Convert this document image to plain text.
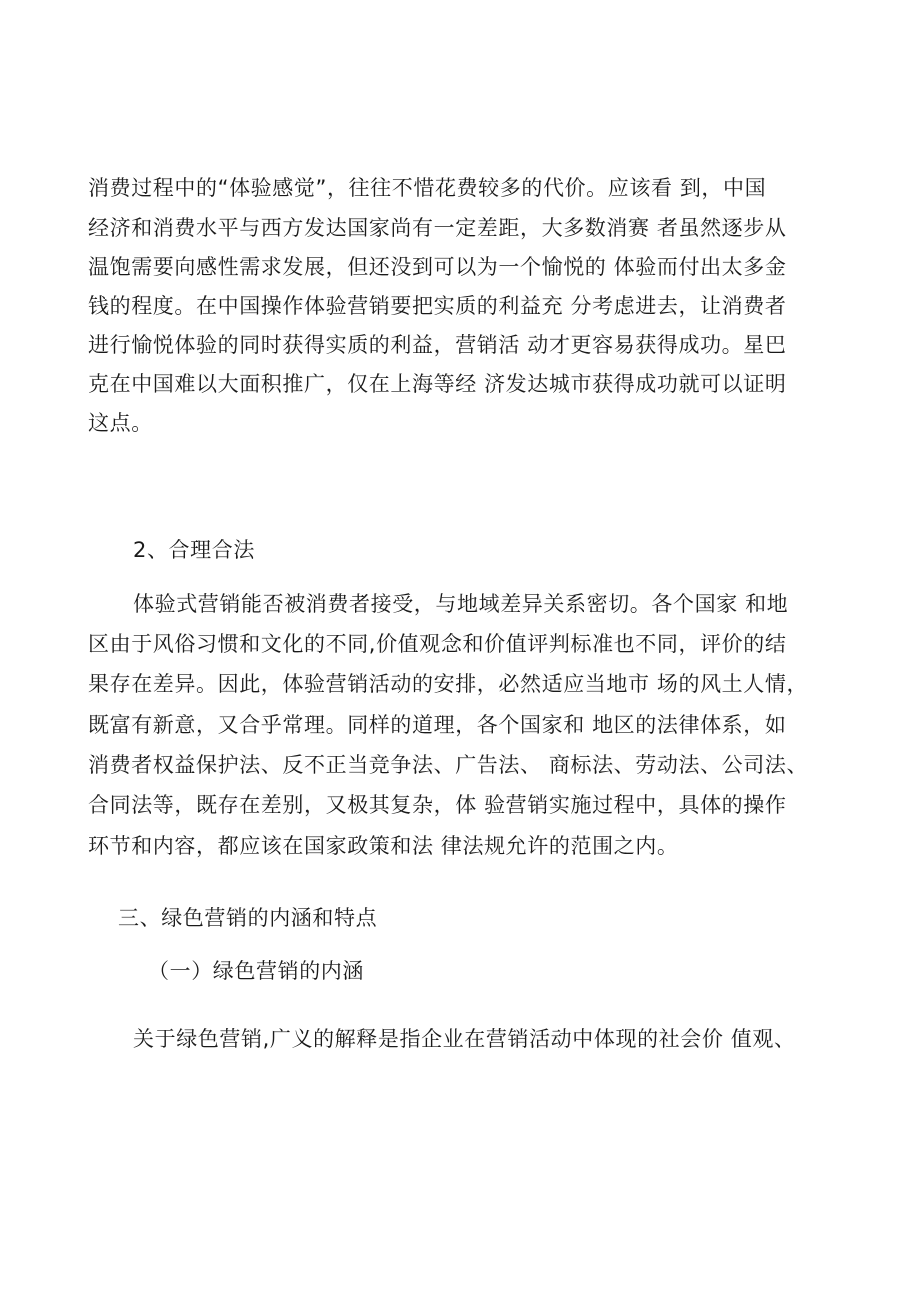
消费过程中的“体验感觉”，往往不惜花费较多的代价。应该看 到，中国
经济和消费水平与西方发达国家尚有一定差距，大多数消赛 者虽然逐步从
温饱需要向感性需求发展，但还没到可以为一个愉悦的 体验而付出太多金
钱的程度。在中国操作体验营销要把实质的利益充 分考虑进去，让消费者
进行愉悦体验的同时获得实质的利益，营销活 动才更容易获得成功。星巴
克在中国难以大面积推广，仅在上海等经 济发达城市获得成功就可以证明
这点。
2、合理合法
体验式营销能否被消费者接受，与地域差异关系密切。各个国家 和地
区由于风俗习惯和文化的不同,价值观念和价值评判标准也不同，评价的结
果存在差异。因此，体验营销活动的安排，必然适应当地市 场的风土人情，
既富有新意，又合乎常理。同样的道理，各个国家和 地区的法律体系，如
消费者权益保护法、反不正当竞争法、广告法、 商标法、劳动法、公司法、
合同法等，既存在差别，又极其复杂，体 验营销实施过程中，具体的操作
环节和内容，都应该在国家政策和法 律法规允许的范围之内。
三、绿色营销的内涵和特点
（一）绿色营销的内涵
关于绿色营销,广义的解释是指企业在营销活动中体现的社会价 值观、
